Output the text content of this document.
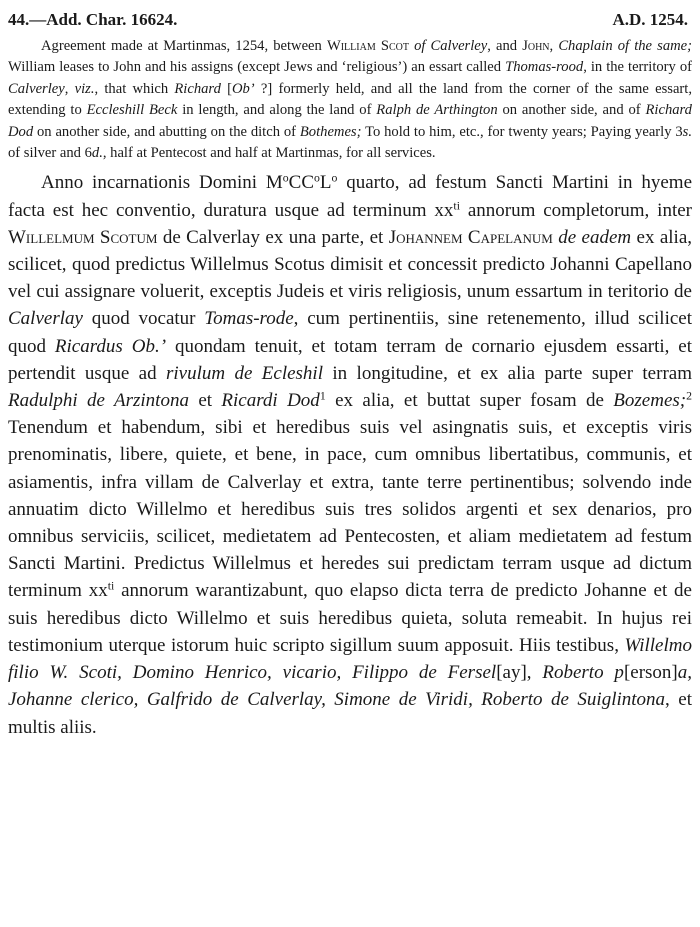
44.—Add. Char. 16624.	A.D. 1254.

Agreement made at Martinmas, 1254, between William Scot of Calverley, and John, Chaplain of the same; William leases to John and his assigns (except Jews and ‘religious’) an essart called Thomas-rood, in the territory of Calverley, viz., that which Richard [Ob’ ?] formerly held, and all the land from the corner of the same essart, extending to Eccleshill Beck in length, and along the land of Ralph de Arthington on another side, and of Richard Dod on another side, and abutting on the ditch of Bothemes; To hold to him, etc., for twenty years; Paying yearly 3s. of silver and 6d., half at Pentecost and half at Martinmas, for all services.

Anno incarnationis Domini $M^oCC^oL^o$ quarto, ad festum Sancti Martini in hyeme facta est hec conventio, duratura usque ad terminum $xx^{ti}$ annorum completorum, inter Willelmum Scotum de Calverlay ex una parte, et Johannem Capelanum de eadem ex alia, scilicet, quod predictus Willelmus Scotus dimisit et concessit predicto Johanni Capellano vel cui assignare voluerit, exceptis Judeis et viris religiosis, unum essartum in teritorio de Calverlay quod vocatur Tomas-rode, cum pertinentiis, sine retenemento, illud scilicet quod Ricardus Ob.’ quondam tenuit, et totam terram de cornario ejusdem essarti, et pertendit usque ad rivulum de Ecleshil in longitudine, et ex alia parte super terram Radulphi de Arzintona et Ricardi Dod$^1$ ex alia, et buttat super fosam de Bozemes;$^2$ Tenendum et habendum, sibi et heredibus suis vel asingnatis suis, et exceptis viris prenominatis, libere, quiete, et bene, in pace, cum omnibus libertatibus, communis, et asiamentis, infra villam de Calverlay et extra, tante terre pertinentibus; solvendo inde annuatim dicto Willelmo et heredibus suis tres solidos argenti et sex denarios, pro omnibus serviciis, scilicet, medietatem ad Pentecosten, et aliam medietatem ad festum Sancti Martini. Predictus Willelmus et heredes sui predictam terram usque ad dictum terminum $xx^{ti}$ annorum warantizabunt, quo elapso dicta terra de predicto Johanne et de suis heredibus dicto Willelmo et suis heredibus quieta, soluta remeabit. In hujus rei testimonium uterque istorum huic scripto sigillum suum apposuit. Hiis testibus, Willelmo filio W. Scoti, Domino Henrico, vicario, Filippo de Fersel[ay], Roberto p[erson]a, Johanne clerico, Galfrido de Calverlay, Simone de Viridi, Roberto de Suiglintona, et multis aliis.
